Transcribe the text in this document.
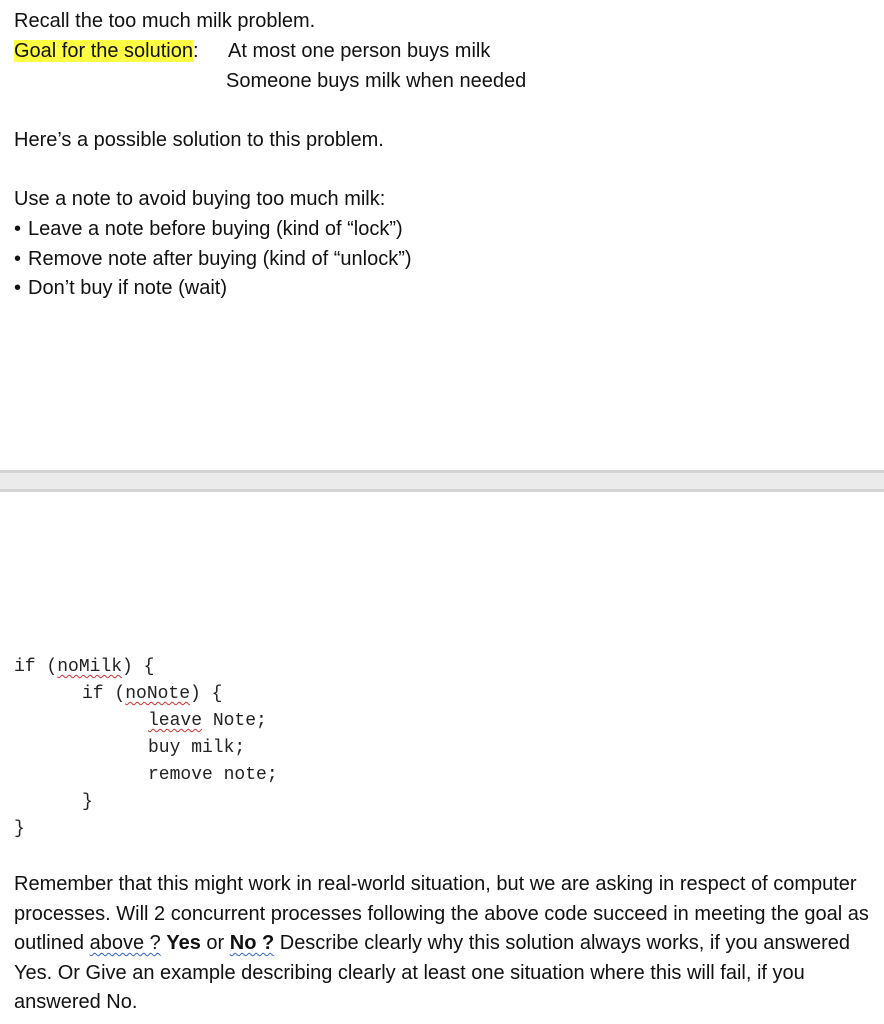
Recall the too much milk problem.
Goal for the solution: At most one person buys milk
Someone buys milk when needed
Here’s a possible solution to this problem.
Use a note to avoid buying too much milk:
• Leave a note before buying (kind of “lock”)
• Remove note after buying (kind of “unlock”)
• Don’t buy if note (wait)
if (noMilk) {
if (noNote) {
leave Note;
buy milk;
remove note;
}
}
Remember that this might work in real-world situation, but we are asking in respect of computer processes. Will 2 concurrent processes following the above code succeed in meeting the goal as outlined above ? Yes or No ? Describe clearly why this solution always works, if you answered Yes. Or Give an example describing clearly at least one situation where this will fail, if you answered No.
